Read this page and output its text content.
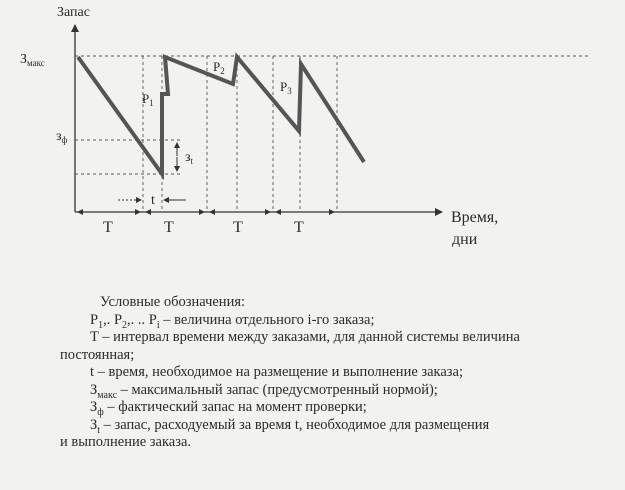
Запас
Время,
дни
$З_{макс}$
$з_ф$
$з_t$
t
$P_1$
$P_2$
$P_3$
T	T	T	T
Условные обозначения:
$P_1$,. $P_2$,. .. $P_i$ – величина отдельного i-го заказа;
T – интервал времени между заказами, для данной системы величина
постоянная;
t – время, необходимое на размещение и выполнение заказа;
$З_{макс}$ – максимальный запас (предусмотренный нормой);
$З_ф$ – фактический запас на момент проверки;
$З_t$ – запас, расходуемый за время t, необходимое для размещения
и выполнение заказа.
